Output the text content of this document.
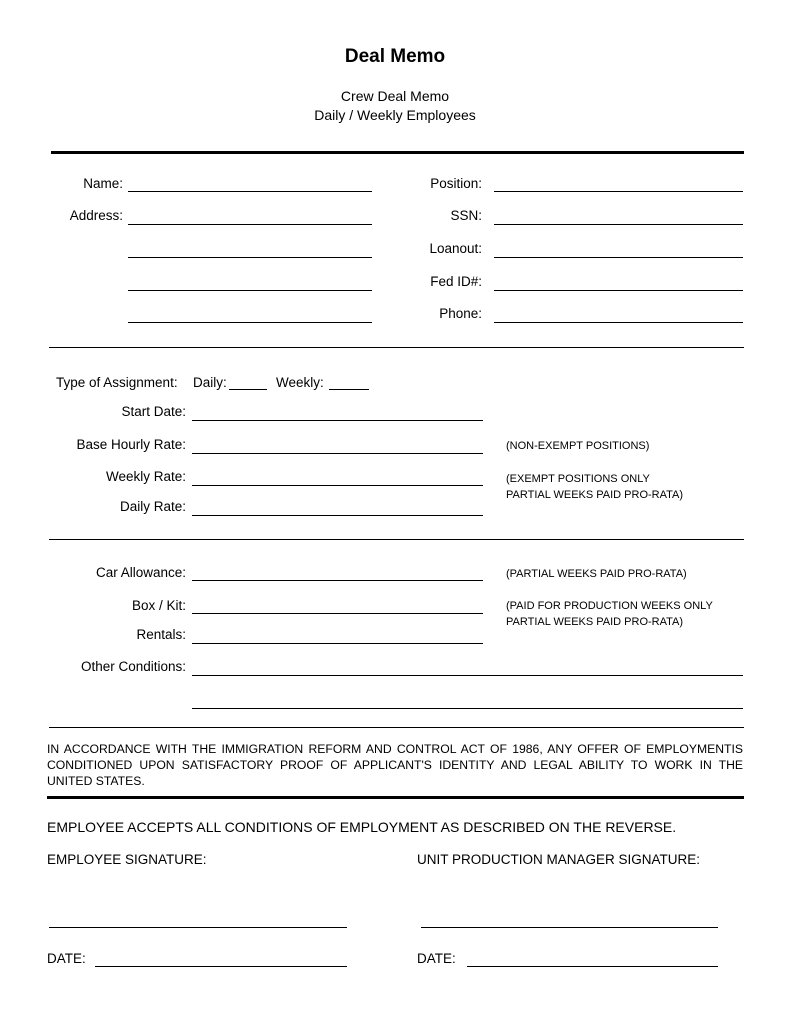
Deal Memo
Crew Deal Memo
Daily / Weekly Employees
Name:
Address:
Position:
SSN:
Loanout:
Fed ID#:
Phone:
Type of Assignment: Daily:	Weekly:
Start Date:
Base Hourly Rate:	(NON-EXEMPT POSITIONS)
Weekly Rate:	(EXEMPT POSITIONS ONLY
PARTIAL WEEKS PAID PRO-RATA)
Daily Rate:
Car Allowance:	(PARTIAL WEEKS PAID PRO-RATA)
Box / Kit:	(PAID FOR PRODUCTION WEEKS ONLY
PARTIAL WEEKS PAID PRO-RATA)
Rentals:
Other Conditions:
IN ACCORDANCE WITH THE IMMIGRATION REFORM AND CONTROL ACT OF 1986, ANY OFFER OF EMPLOYMENTIS CONDITIONED UPON SATISFACTORY PROOF OF APPLICANT'S IDENTITY AND LEGAL ABILITY TO WORK IN THE UNITED STATES.
EMPLOYEE ACCEPTS ALL CONDITIONS OF EMPLOYMENT AS DESCRIBED ON THE REVERSE.
EMPLOYEE SIGNATURE:	UNIT PRODUCTION MANAGER SIGNATURE:
DATE:	DATE:
